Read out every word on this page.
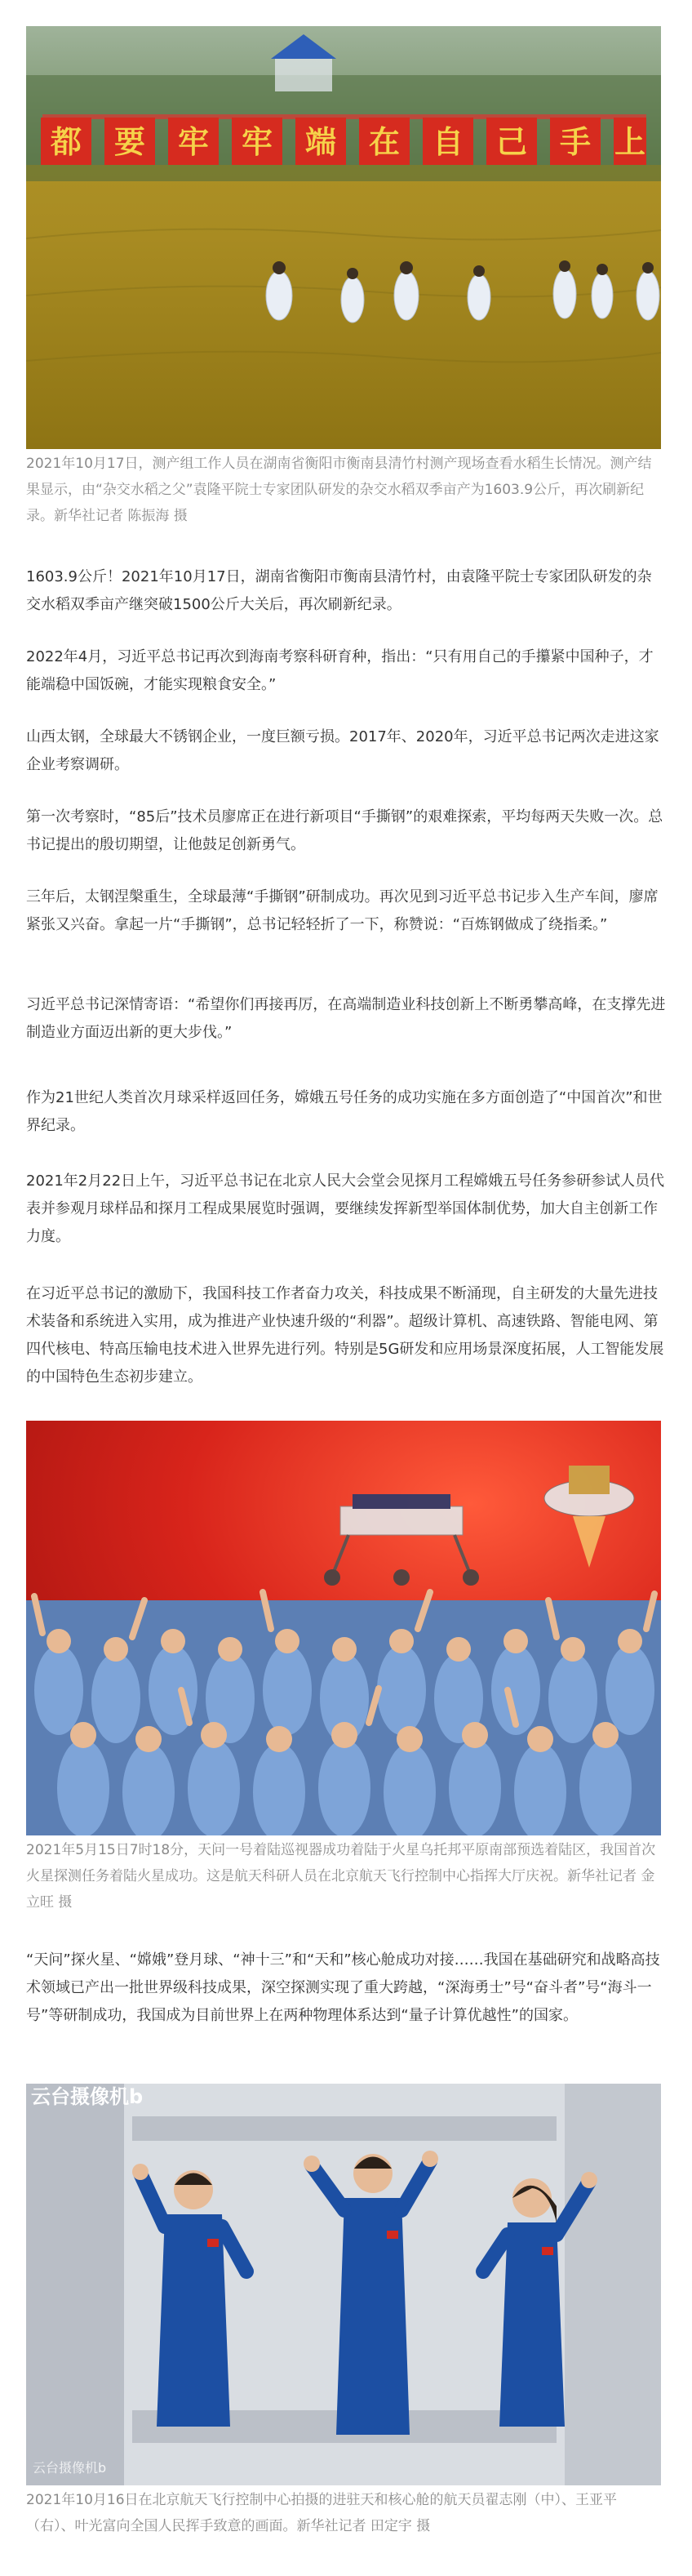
都 要 牢 牢 端 在 自 己 手 上

2021年10月17日，测产组工作人员在湖南省衡阳市衡南县清竹村测产现场查看水稻生长情况。测产结果显示，由“杂交水稻之父”袁隆平院士专家团队研发的杂交水稻双季亩产为1603.9公斤，再次刷新纪录。新华社记者 陈振海 摄

1603.9公斤！2021年10月17日，湖南省衡阳市衡南县清竹村，由袁隆平院士专家团队研发的杂交水稻双季亩产继突破1500公斤大关后，再次刷新纪录。

2022年4月，习近平总书记再次到海南考察科研育种，指出：“只有用自己的手攥紧中国种子，才能端稳中国饭碗，才能实现粮食安全。”

山西太钢，全球最大不锈钢企业，一度巨额亏损。2017年、2020年，习近平总书记两次走进这家企业考察调研。

第一次考察时，“85后”技术员廖席正在进行新项目“手撕钢”的艰难探索，平均每两天失败一次。总书记提出的殷切期望，让他鼓足创新勇气。

三年后，太钢涅槃重生，全球最薄“手撕钢”研制成功。再次见到习近平总书记步入生产车间，廖席紧张又兴奋。拿起一片“手撕钢”，总书记轻轻折了一下，称赞说：“百炼钢做成了绕指柔。”

习近平总书记深情寄语：“希望你们再接再厉，在高端制造业科技创新上不断勇攀高峰，在支撑先进制造业方面迈出新的更大步伐。”

作为21世纪人类首次月球采样返回任务，嫦娥五号任务的成功实施在多方面创造了“中国首次”和世界纪录。

2021年2月22日上午，习近平总书记在北京人民大会堂会见探月工程嫦娥五号任务参研参试人员代表并参观月球样品和探月工程成果展览时强调，要继续发挥新型举国体制优势，加大自主创新工作力度。

在习近平总书记的激励下，我国科技工作者奋力攻关，科技成果不断涌现，自主研发的大量先进技术装备和系统进入实用，成为推进产业快速升级的“利器”。超级计算机、高速铁路、智能电网、第四代核电、特高压输电技术进入世界先进行列。特别是5G研发和应用场景深度拓展，人工智能发展的中国特色生态初步建立。

2021年5月15日7时18分，天问一号着陆巡视器成功着陆于火星乌托邦平原南部预选着陆区，我国首次火星探测任务着陆火星成功。这是航天科研人员在北京航天飞行控制中心指挥大厅庆祝。新华社记者 金立旺 摄

“天问”探火星、“嫦娥”登月球、“神十三”和“天和”核心舱成功对接……我国在基础研究和战略高技术领域已产出一批世界级科技成果，深空探测实现了重大跨越，“深海勇士”号“奋斗者”号“海斗一号”等研制成功，我国成为目前世界上在两种物理体系达到“量子计算优越性”的国家。

云台摄像机b
云台摄像机b

2021年10月16日在北京航天飞行控制中心拍摄的进驻天和核心舱的航天员翟志刚（中）、王亚平（右）、叶光富向全国人民挥手致意的画面。新华社记者 田定宇 摄
